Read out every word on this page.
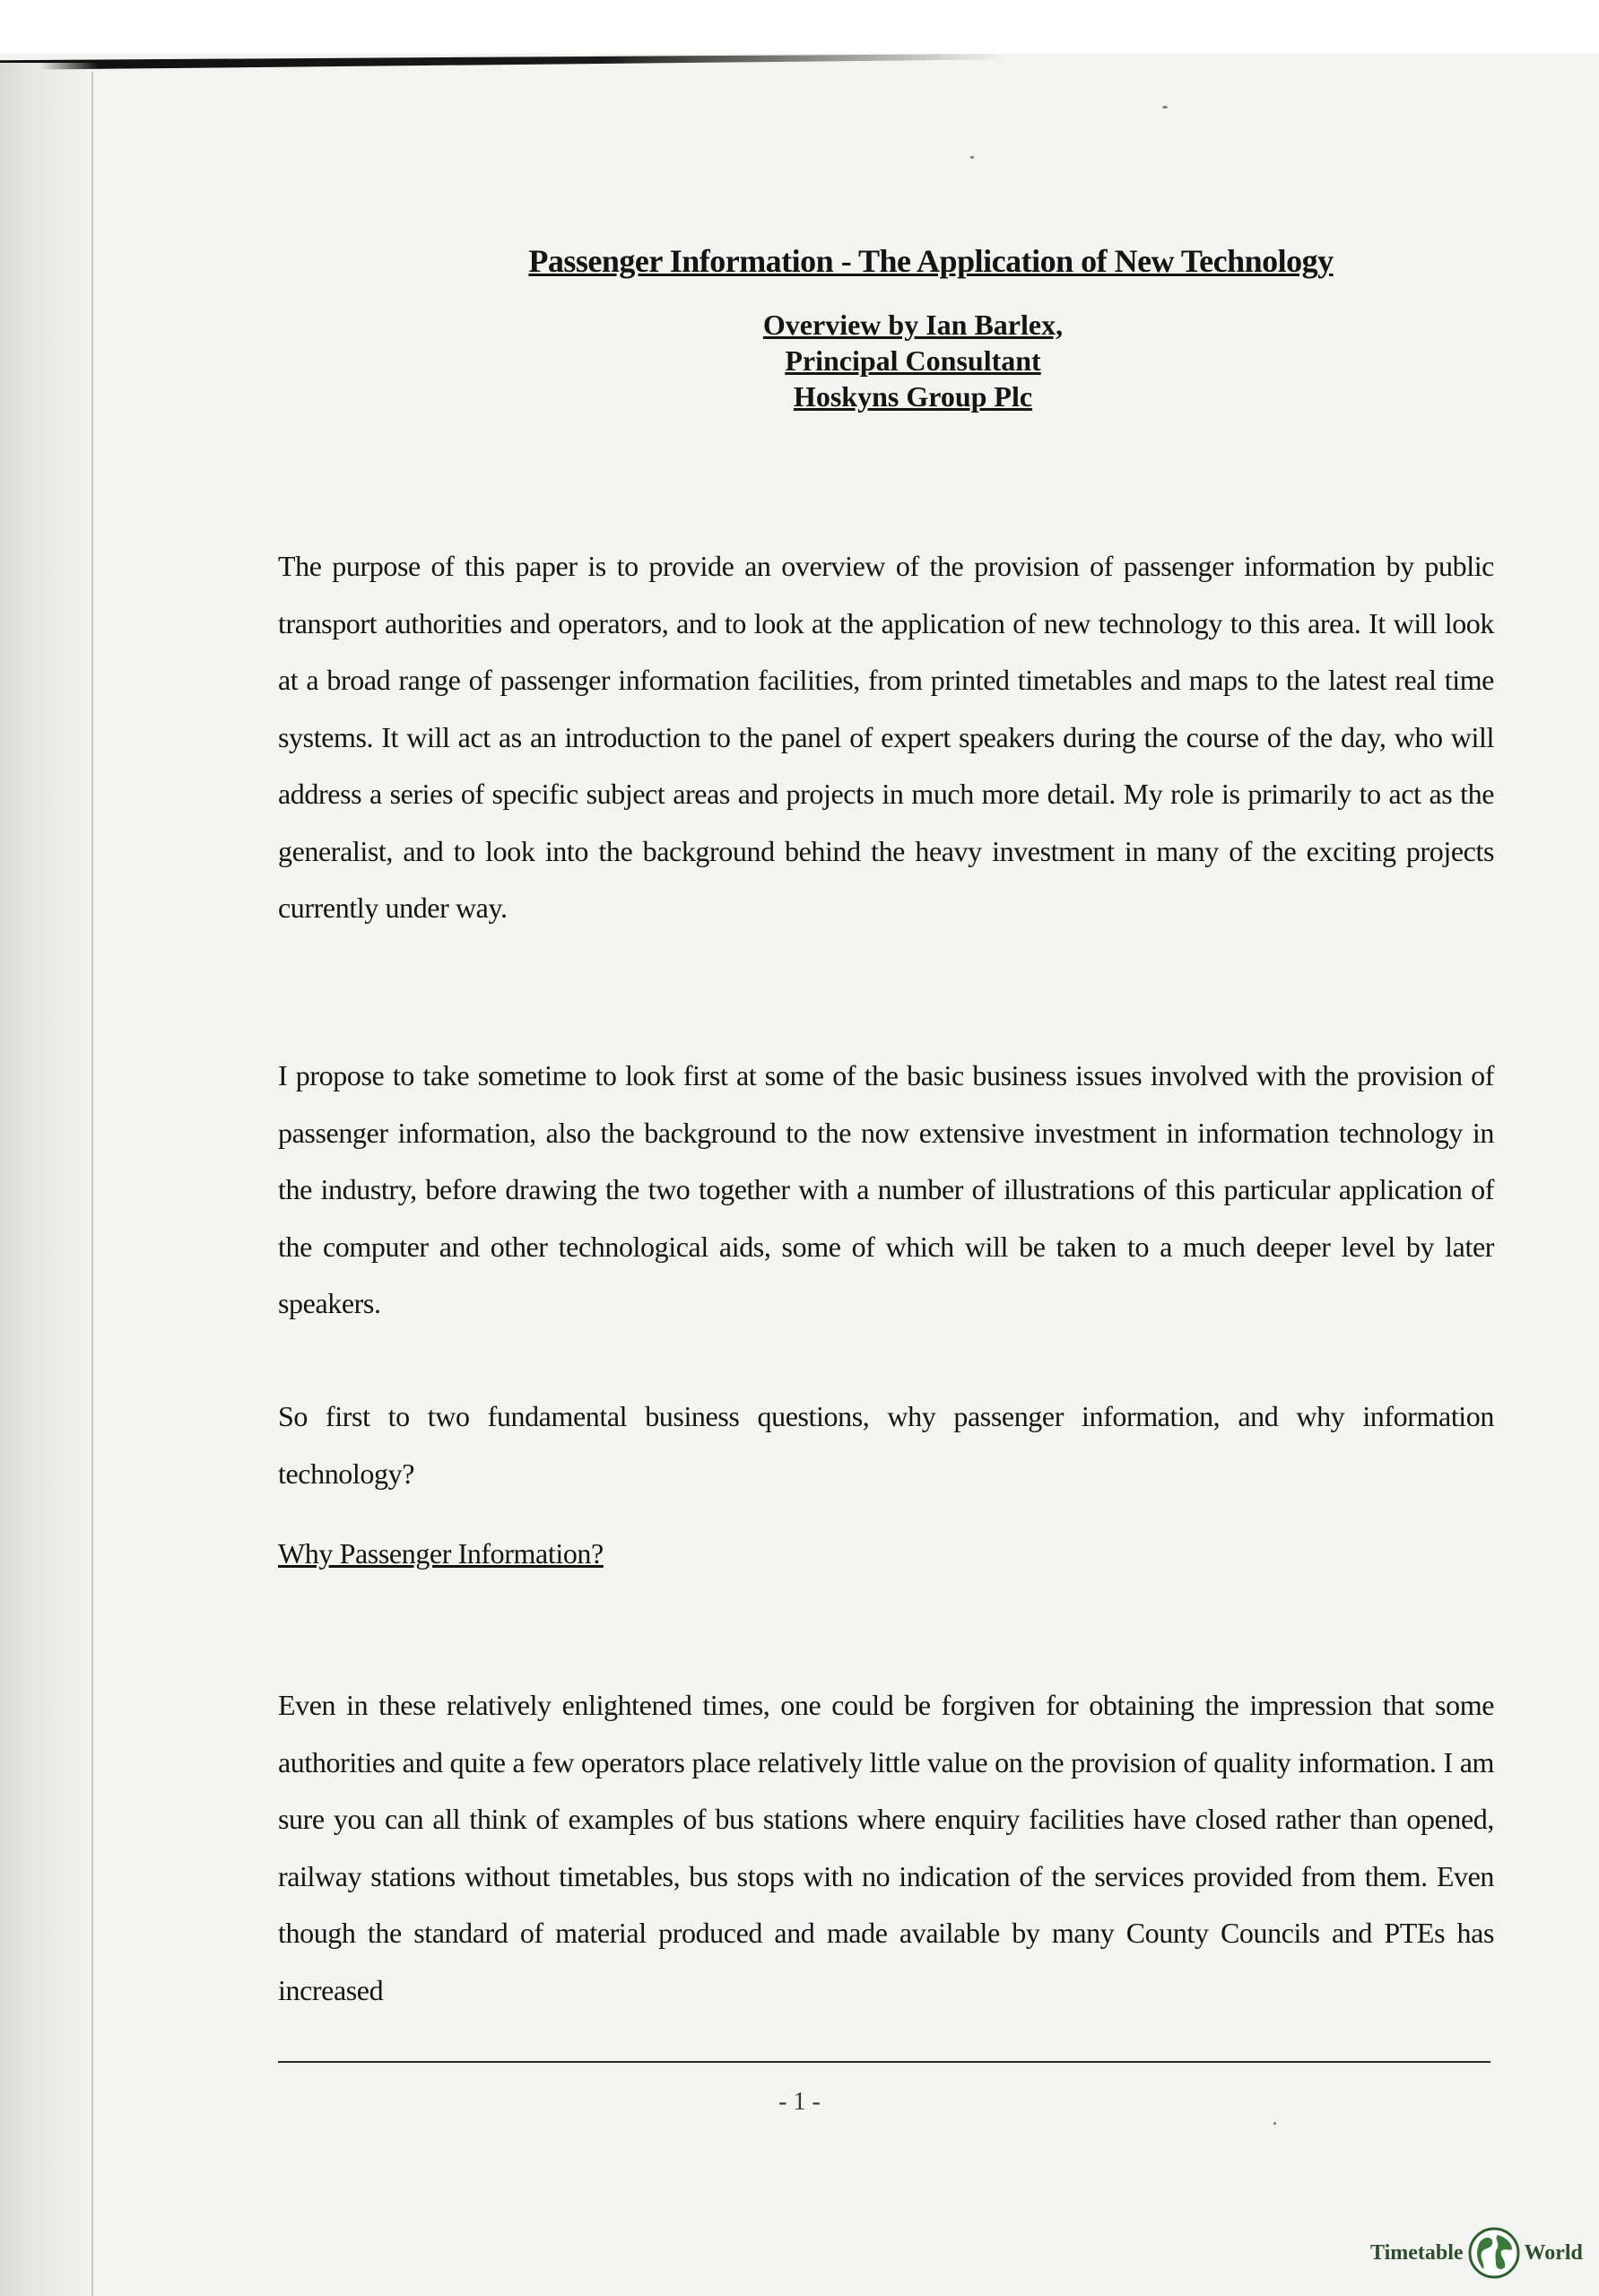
Passenger Information - The Application of New Technology
Overview by Ian Barlex,
Principal Consultant
Hoskyns Group Plc

The purpose of this paper is to provide an overview of the provision of passenger information by public transport authorities and operators, and to look at the application of new technology to this area. It will look at a broad range of passenger information facilities, from printed timetables and maps to the latest real time systems. It will act as an introduction to the panel of expert speakers during the course of the day, who will address a series of specific subject areas and projects in much more detail. My role is primarily to act as the generalist, and to look into the background behind the heavy investment in many of the exciting projects currently under way.

I propose to take sometime to look first at some of the basic business issues involved with the provision of passenger information, also the background to the now extensive investment in information technology in the industry, before drawing the two together with a number of illustrations of this particular application of the computer and other technological aids, some of which will be taken to a much deeper level by later speakers.

So first to two fundamental business questions, why passenger information, and why information technology?

Why Passenger Information?

Even in these relatively enlightened times, one could be forgiven for obtaining the impression that some authorities and quite a few operators place relatively little value on the provision of quality information. I am sure you can all think of examples of bus stations where enquiry facilities have closed rather than opened, railway stations without timetables, bus stops with no indication of the services provided from them. Even though the standard of material produced and made available by many County Councils and PTEs has increased

- 1 -
Timetable	World
